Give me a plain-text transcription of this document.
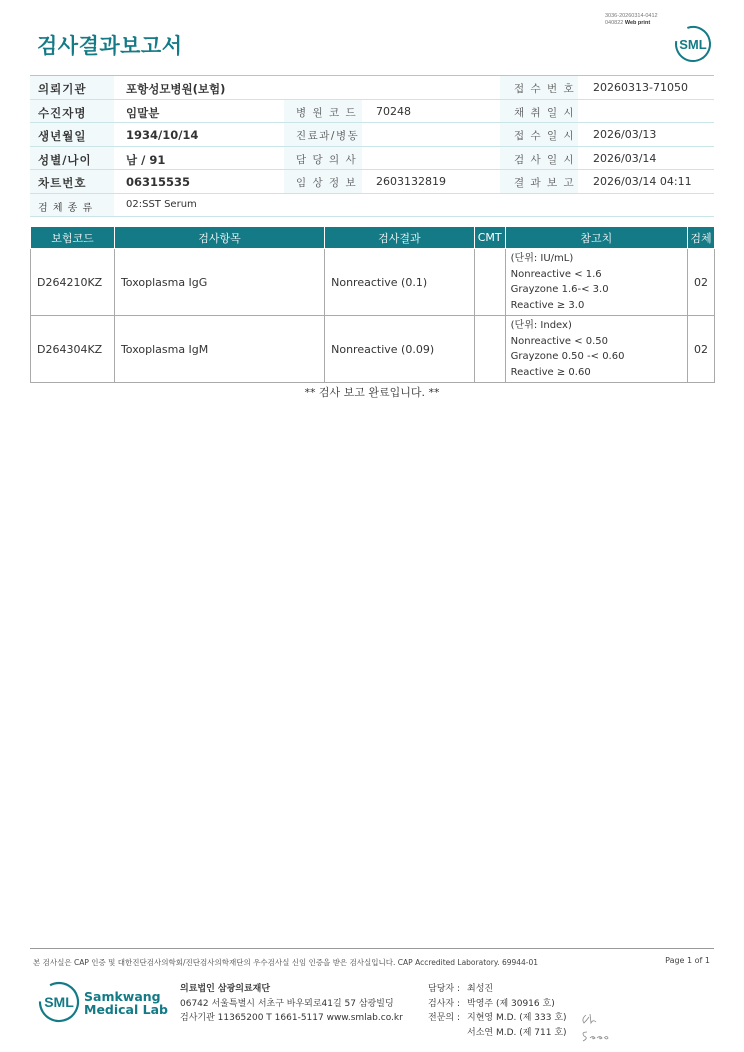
3036-20260314-0412
040822 Web print
검사결과보고서	SML
의뢰기관	포항성모병원(보험)	접 수 번 호 20260313-71050
수진자명	임말분	병 원 코 드 70248	채 취 일 시
생년월일	1934/10/14	진료과/병동	접 수 일 시 2026/03/13
성별/나이	남 / 91	담 당 의 사	검 사 일 시 2026/03/14
차트번호	06315535	임 상 정 보 2603132819	결 과 보 고 2026/03/14 04:11
검 체 종 류	02:SST Serum
보험코드	검사항목	검사결과	CMT	참고치	검체
D264210KZ	Toxoplasma IgG	Nonreactive (0.1)		(단위: IU/mL)
Nonreactive < 1.6
Grayzone 1.6-< 3.0
Reactive ≥ 3.0	02
D264304KZ	Toxoplasma IgM	Nonreactive (0.09)		(단위: Index)
Nonreactive < 0.50
Grayzone 0.50 -< 0.60
Reactive ≥ 0.60	02
** 검사 보고 완료입니다. **
본 검사실은 CAP 인증 및 대한진단검사의학회/진단검사의학재단의 우수검사실 신임 인증을 받은 검사실입니다. CAP Accredited Laboratory. 69944-01	Page 1 of 1
SML Samkwang
Medical Lab
의료법인 삼광의료재단
06742 서울특별시 서초구 바우뫼로41길 57 삼광빌딩
검사기관 11365200 T 1661-5117 www.smlab.co.kr
담당자 : 최성진
검사자 : 박영주 (제 30916 호)
전문의 : 지현영 M.D. (제 333 호)
서소연 M.D. (제 711 호)
